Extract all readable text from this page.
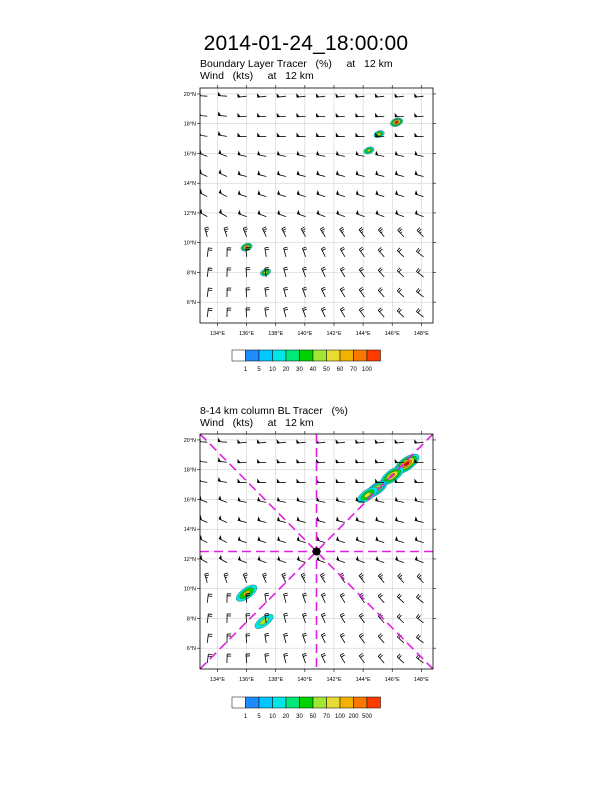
2014-01-24_18:00:00
Boundary Layer Tracer   (%)     at   12 km
Wind   (kts)     at   12 km
8-14 km column BL Tracer   (%)
Wind   (kts)     at   12 km
134°E	136°E	138°E	140°E	142°E	144°E	146°E	148°E
6°N
8°N
10°N
12°N
14°N
16°N
18°N
20°N
1 5 10 20 30 40 50 60 70 100
134°E	136°E	138°E	140°E	142°E	144°E	146°E	148°E
6°N
8°N
10°N
12°N
14°N
16°N
18°N
20°N
1 5 10 20 30 50 70 100 200 500
